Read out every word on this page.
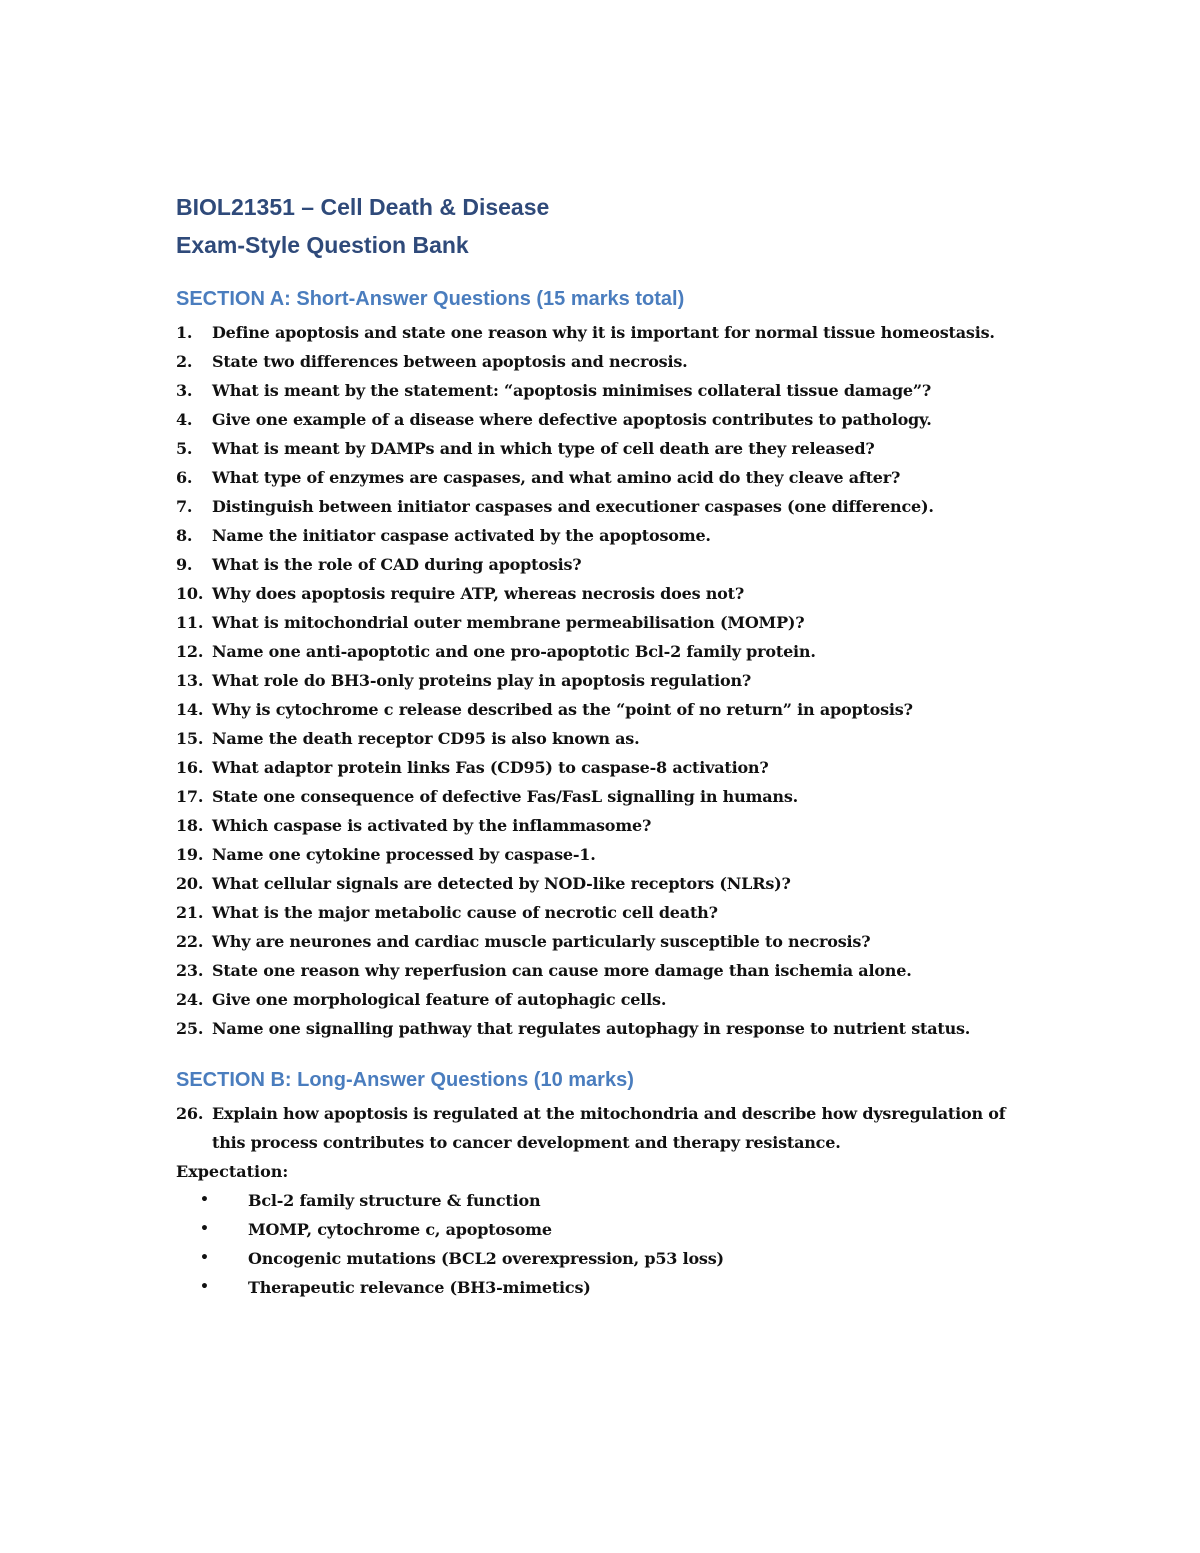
BIOL21351 – Cell Death & Disease
Exam-Style Question Bank
SECTION A: Short-Answer Questions (15 marks total)
1. Define apoptosis and state one reason why it is important for normal tissue homeostasis.
2. State two differences between apoptosis and necrosis.
3. What is meant by the statement: “apoptosis minimises collateral tissue damage”?
4. Give one example of a disease where defective apoptosis contributes to pathology.
5. What is meant by DAMPs and in which type of cell death are they released?
6. What type of enzymes are caspases, and what amino acid do they cleave after?
7. Distinguish between initiator caspases and executioner caspases (one difference).
8. Name the initiator caspase activated by the apoptosome.
9. What is the role of CAD during apoptosis?
10. Why does apoptosis require ATP, whereas necrosis does not?
11. What is mitochondrial outer membrane permeabilisation (MOMP)?
12. Name one anti-apoptotic and one pro-apoptotic Bcl-2 family protein.
13. What role do BH3-only proteins play in apoptosis regulation?
14. Why is cytochrome c release described as the “point of no return” in apoptosis?
15. Name the death receptor CD95 is also known as.
16. What adaptor protein links Fas (CD95) to caspase-8 activation?
17. State one consequence of defective Fas/FasL signalling in humans.
18. Which caspase is activated by the inflammasome?
19. Name one cytokine processed by caspase-1.
20. What cellular signals are detected by NOD-like receptors (NLRs)?
21. What is the major metabolic cause of necrotic cell death?
22. Why are neurones and cardiac muscle particularly susceptible to necrosis?
23. State one reason why reperfusion can cause more damage than ischemia alone.
24. Give one morphological feature of autophagic cells.
25. Name one signalling pathway that regulates autophagy in response to nutrient status.
SECTION B: Long-Answer Questions (10 marks)
26. Explain how apoptosis is regulated at the mitochondria and describe how dysregulation of this process contributes to cancer development and therapy resistance.

Expectation:

• Bcl-2 family structure & function
• MOMP, cytochrome c, apoptosome
• Oncogenic mutations (BCL2 overexpression, p53 loss)
• Therapeutic relevance (BH3-mimetics)
